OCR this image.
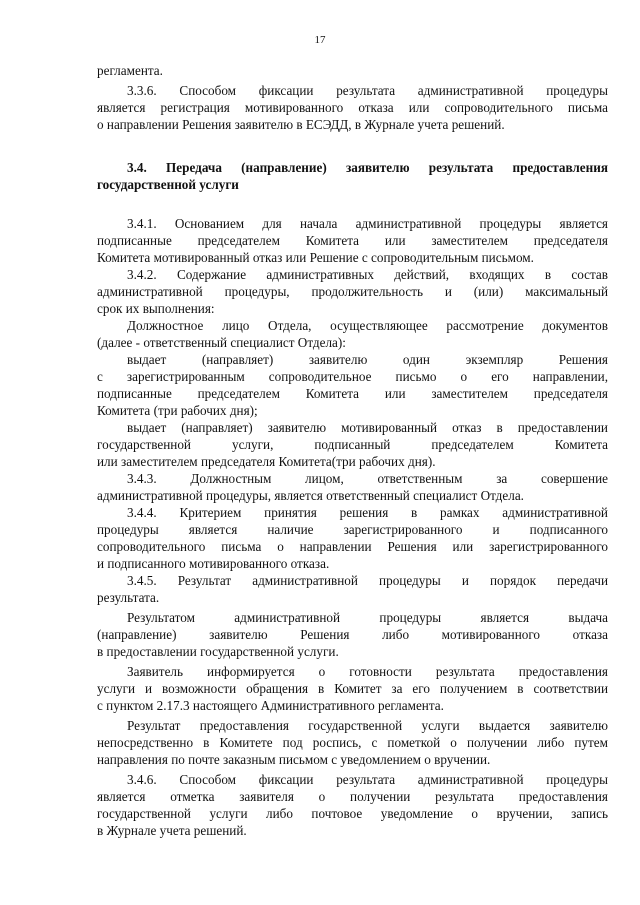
17
регламента.
3.3.6. Способом фиксации результата административной процедуры
является регистрация мотивированного отказа или сопроводительного письма
о направлении Решения заявителю в ЕСЭДД, в Журнале учета решений.
3.4. Передача (направление) заявителю результата предоставления
государственной услуги
3.4.1. Основанием для начала административной процедуры является
подписанные председателем Комитета или заместителем председателя
Комитета мотивированный отказ или Решение с сопроводительным письмом.
3.4.2. Содержание административных действий, входящих в состав
административной процедуры, продолжительность и (или) максимальный
срок их выполнения:
Должностное лицо Отдела, осуществляющее рассмотрение документов
(далее - ответственный специалист Отдела):
выдает (направляет) заявителю один экземпляр Решения
с зарегистрированным сопроводительное письмо о его направлении,
подписанные председателем Комитета или заместителем председателя
Комитета (три рабочих дня);
выдает (направляет) заявителю мотивированный отказ в предоставлении
государственной услуги, подписанный председателем Комитета
или заместителем председателя Комитета(три рабочих дня).
3.4.3. Должностным лицом, ответственным за совершение
административной процедуры, является ответственный специалист Отдела.
3.4.4. Критерием принятия решения в рамках административной
процедуры является наличие зарегистрированного и подписанного
сопроводительного письма о направлении Решения или зарегистрированного
и подписанного мотивированного отказа.
3.4.5. Результат административной процедуры и порядок передачи
результата.
Результатом административной процедуры является выдача
(направление) заявителю Решения либо мотивированного отказа
в предоставлении государственной услуги.
Заявитель информируется о готовности результата предоставления
услуги и возможности обращения в Комитет за его получением в соответствии
с пунктом 2.17.3 настоящего Административного регламента.
Результат предоставления государственной услуги выдается заявителю
непосредственно в Комитете под роспись, с пометкой о получении либо путем
направления по почте заказным письмом с уведомлением о вручении.
3.4.6. Способом фиксации результата административной процедуры
является отметка заявителя о получении результата предоставления
государственной услуги либо почтовое уведомление о вручении, запись
в Журнале учета решений.
